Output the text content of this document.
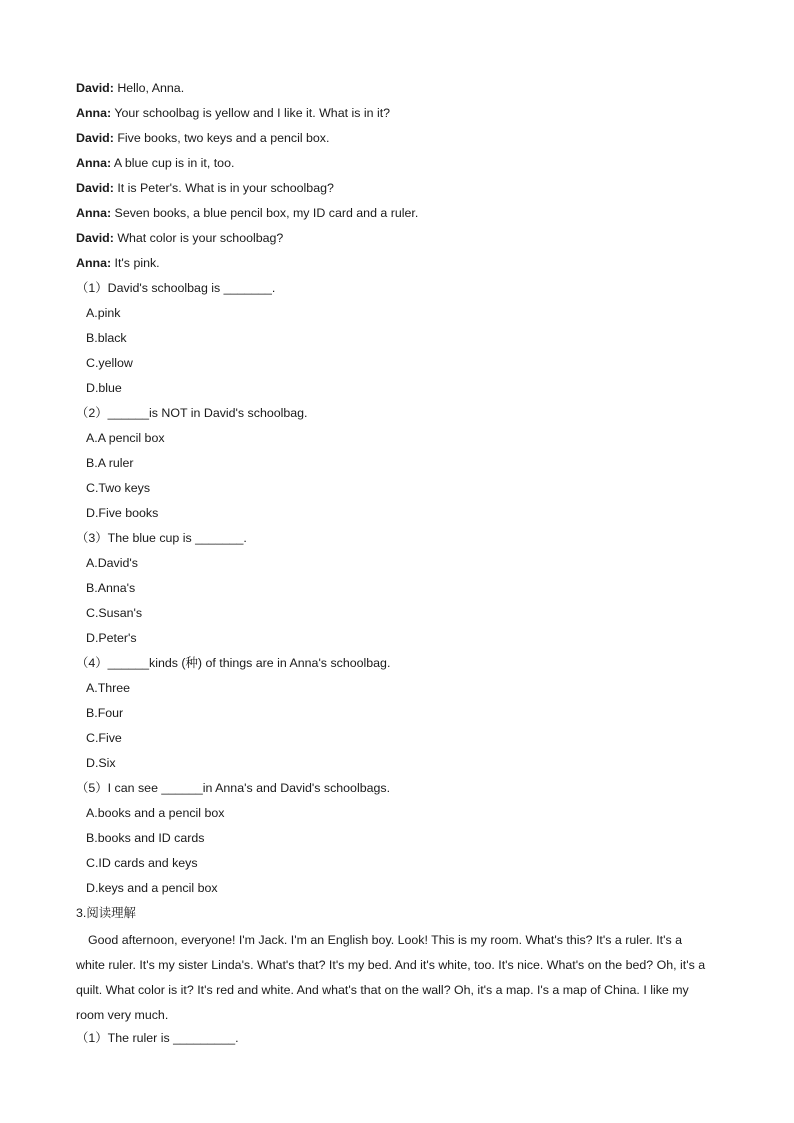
David: Hello, Anna.
Anna: Your schoolbag is yellow and I like it. What is in it?
David: Five books, two keys and a pencil box.
Anna: A blue cup is in it, too.
David: It is Peter's. What is in your schoolbag?
Anna: Seven books, a blue pencil box, my ID card and a ruler.
David: What color is your schoolbag?
Anna: It's pink.
（1）David's schoolbag is _______.
A.pink
B.black
C.yellow
D.blue
（2）______is NOT in David's schoolbag.
A.A pencil box
B.A ruler
C.Two keys
D.Five books
（3）The blue cup is _______.
A.David's
B.Anna's
C.Susan's
D.Peter's
（4）______kinds (种) of things are in Anna's schoolbag.
A.Three
B.Four
C.Five
D.Six
（5）I can see ______in Anna's and David's schoolbags.
A.books and a pencil box
B.books and ID cards
C.ID cards and keys
D.keys and a pencil box
3.阅读理解
Good afternoon, everyone! I'm Jack. I'm an English boy. Look! This is my room. What's this? It's a ruler. It's a white ruler. It's my sister Linda's. What's that? It's my bed. And it's white, too. It's nice. What's on the bed? Oh, it's a quilt. What color is it? It's red and white. And what's that on the wall? Oh, it's a map. I's a map of China. I like my room very much.
（1）The ruler is _________.
